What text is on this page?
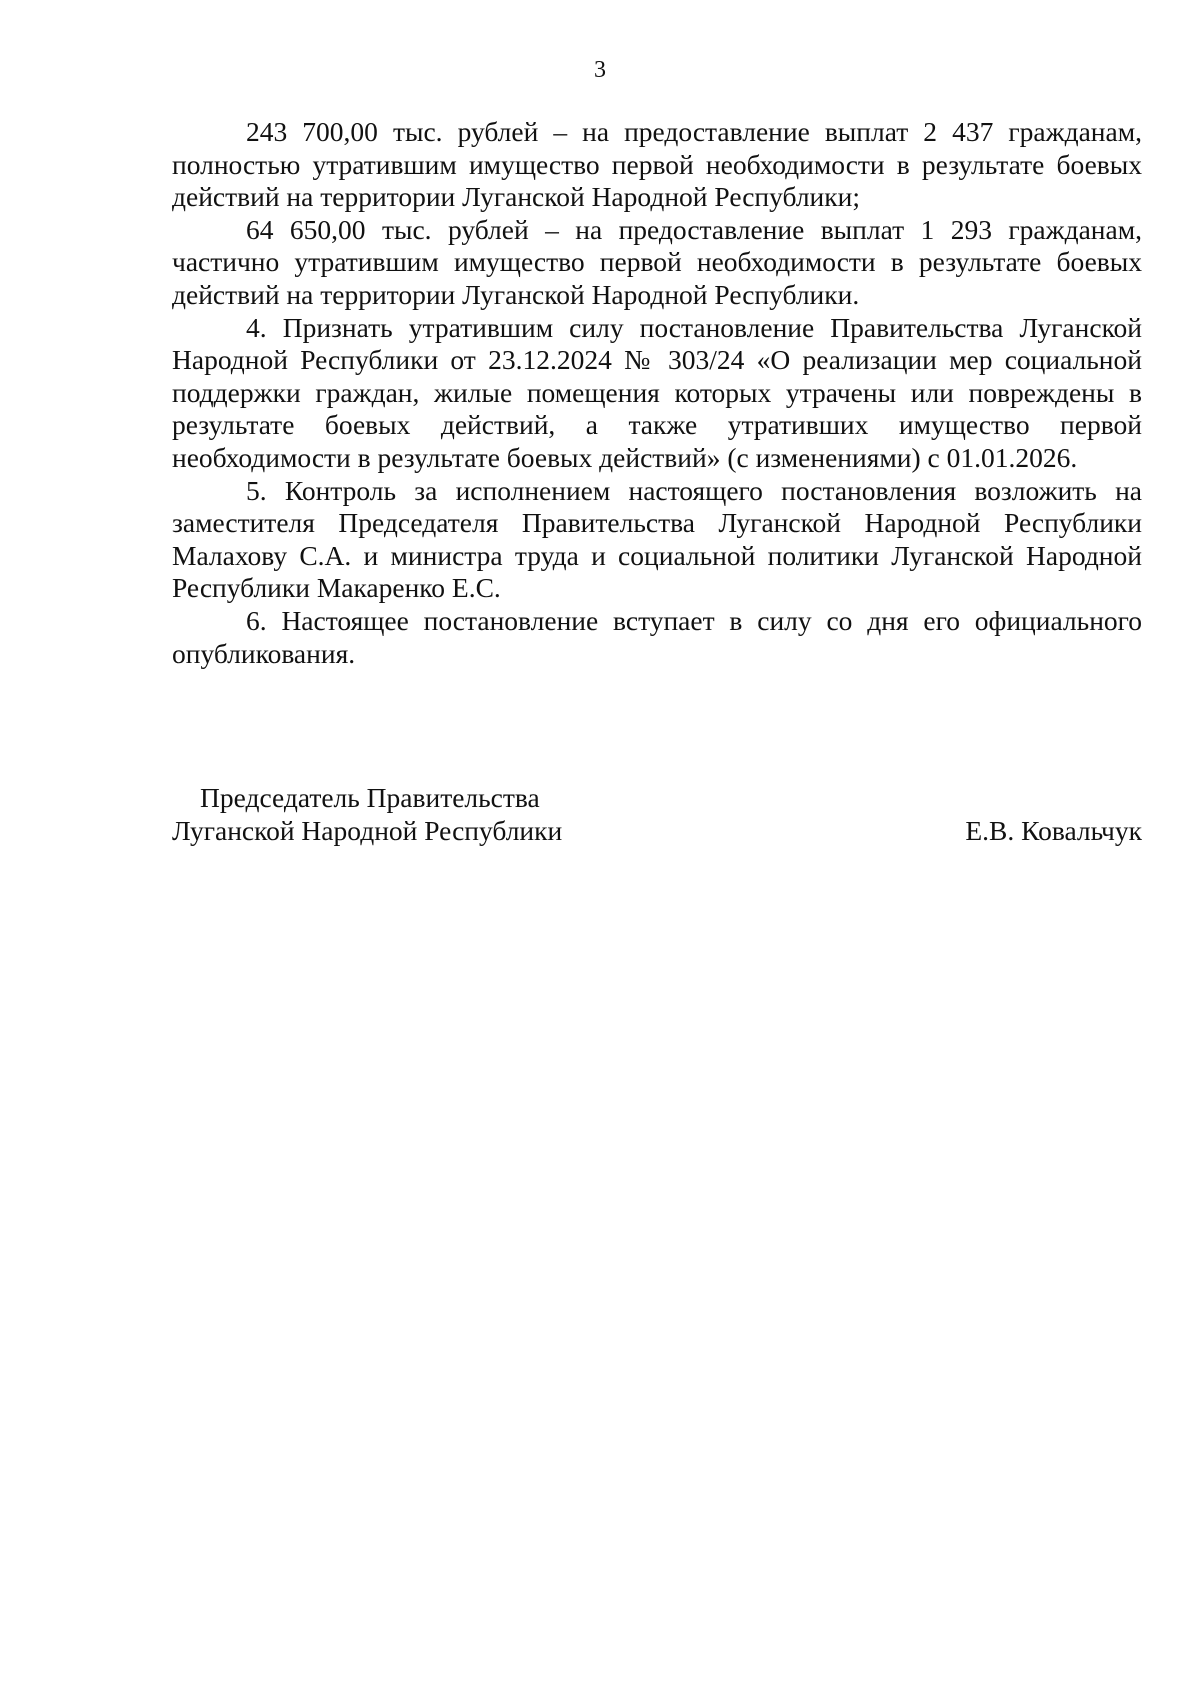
3

243 700,00 тыс. рублей – на предоставление выплат 2 437 гражданам, полностью утратившим имущество первой необходимости в результате боевых действий на территории Луганской Народной Республики;

64 650,00 тыс. рублей – на предоставление выплат 1 293 гражданам, частично утратившим имущество первой необходимости в результате боевых действий на территории Луганской Народной Республики.

4. Признать утратившим силу постановление Правительства Луганской Народной Республики от 23.12.2024 № 303/24 «О реализации мер социальной поддержки граждан, жилые помещения которых утрачены или повреждены в результате боевых действий, а также утративших имущество первой необходимости в результате боевых действий» (с изменениями) с 01.01.2026.

5. Контроль за исполнением настоящего постановления возложить на заместителя Председателя Правительства Луганской Народной Республики Малахову С.А. и министра труда и социальной политики Луганской Народной Республики Макаренко Е.С.

6. Настоящее постановление вступает в силу со дня его официального опубликования.

Председатель Правительства
Луганской Народной Республики	Е.В. Ковальчук
